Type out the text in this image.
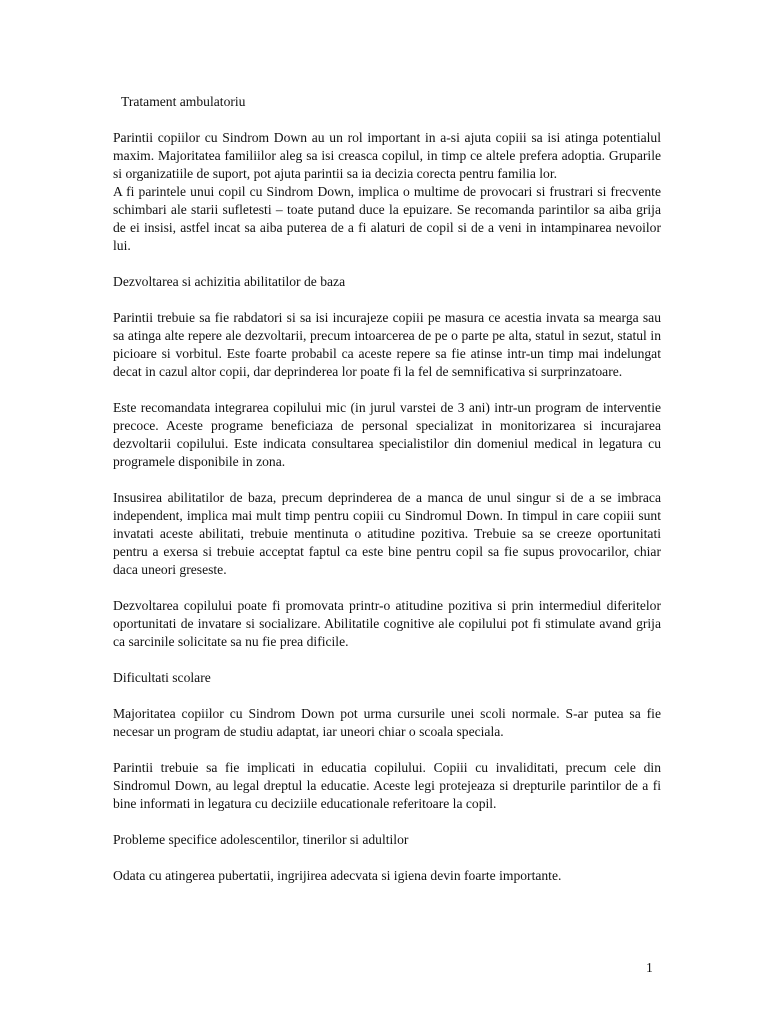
Tratament ambulatoriu

Parintii copiilor cu Sindrom Down au un rol important in a-si ajuta copiii sa isi atinga potentialul maxim. Majoritatea familiilor aleg sa isi creasca copilul, in timp ce altele prefera adoptia. Gruparile si organizatiile de suport, pot ajuta parintii sa ia decizia corecta pentru familia lor.

A fi parintele unui copil cu Sindrom Down, implica o multime de provocari si frustrari si frecvente schimbari ale starii sufletesti – toate putand duce la epuizare. Se recomanda parintilor sa aiba grija de ei insisi, astfel incat sa aiba puterea de a fi alaturi de copil si de a veni in intampinarea nevoilor lui.

Dezvoltarea si achizitia abilitatilor de baza

Parintii trebuie sa fie rabdatori si sa isi incurajeze copiii pe masura ce acestia invata sa mearga sau sa atinga alte repere ale dezvoltarii, precum intoarcerea de pe o parte pe alta, statul in sezut, statul in picioare si vorbitul. Este foarte probabil ca aceste repere sa fie atinse intr-un timp mai indelungat decat in cazul altor copii, dar deprinderea lor poate fi la fel de semnificativa si surprinzatoare.

Este recomandata integrarea copilului mic (in jurul varstei de 3 ani) intr-un program de interventie precoce. Aceste programe beneficiaza de personal specializat in monitorizarea si incurajarea dezvoltarii copilului. Este indicata consultarea specialistilor din domeniul medical in legatura cu programele disponibile in zona.

Insusirea abilitatilor de baza, precum deprinderea de a manca de unul singur si de a se imbraca independent, implica mai mult timp pentru copiii cu Sindromul Down. In timpul in care copiii sunt invatati aceste abilitati, trebuie mentinuta o atitudine pozitiva. Trebuie sa se creeze oportunitati pentru a exersa si trebuie acceptat faptul ca este bine pentru copil sa fie supus provocarilor, chiar daca uneori greseste.

Dezvoltarea copilului poate fi promovata printr-o atitudine pozitiva si prin intermediul diferitelor oportunitati de invatare si socializare. Abilitatile cognitive ale copilului pot fi stimulate avand grija ca sarcinile solicitate sa nu fie prea dificile.

Dificultati scolare

Majoritatea copiilor cu Sindrom Down pot urma cursurile unei scoli normale. S-ar putea sa fie necesar un program de studiu adaptat, iar uneori chiar o scoala speciala.

Parintii trebuie sa fie implicati in educatia copilului. Copiii cu invaliditati, precum cele din Sindromul Down, au legal dreptul la educatie. Aceste legi protejeaza si drepturile parintilor de a fi bine informati in legatura cu deciziile educationale referitoare la copil.

Probleme specifice adolescentilor, tinerilor si adultilor

Odata cu atingerea pubertatii, ingrijirea adecvata si igiena devin foarte importante.

1
